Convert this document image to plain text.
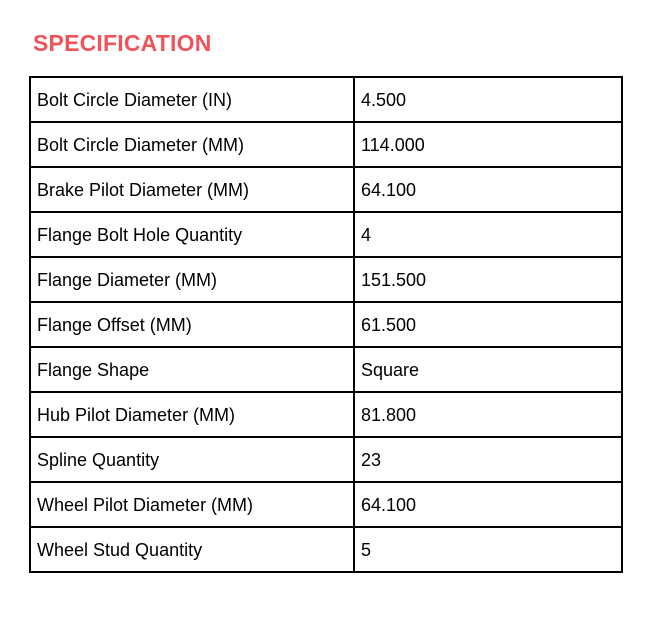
SPECIFICATION
Bolt Circle Diameter (IN)	4.500
Bolt Circle Diameter (MM)	114.000
Brake Pilot Diameter (MM)	64.100
Flange Bolt Hole Quantity	4
Flange Diameter (MM)	151.500
Flange Offset (MM)	61.500
Flange Shape	Square
Hub Pilot Diameter (MM)	81.800
Spline Quantity	23
Wheel Pilot Diameter (MM)	64.100
Wheel Stud Quantity	5
